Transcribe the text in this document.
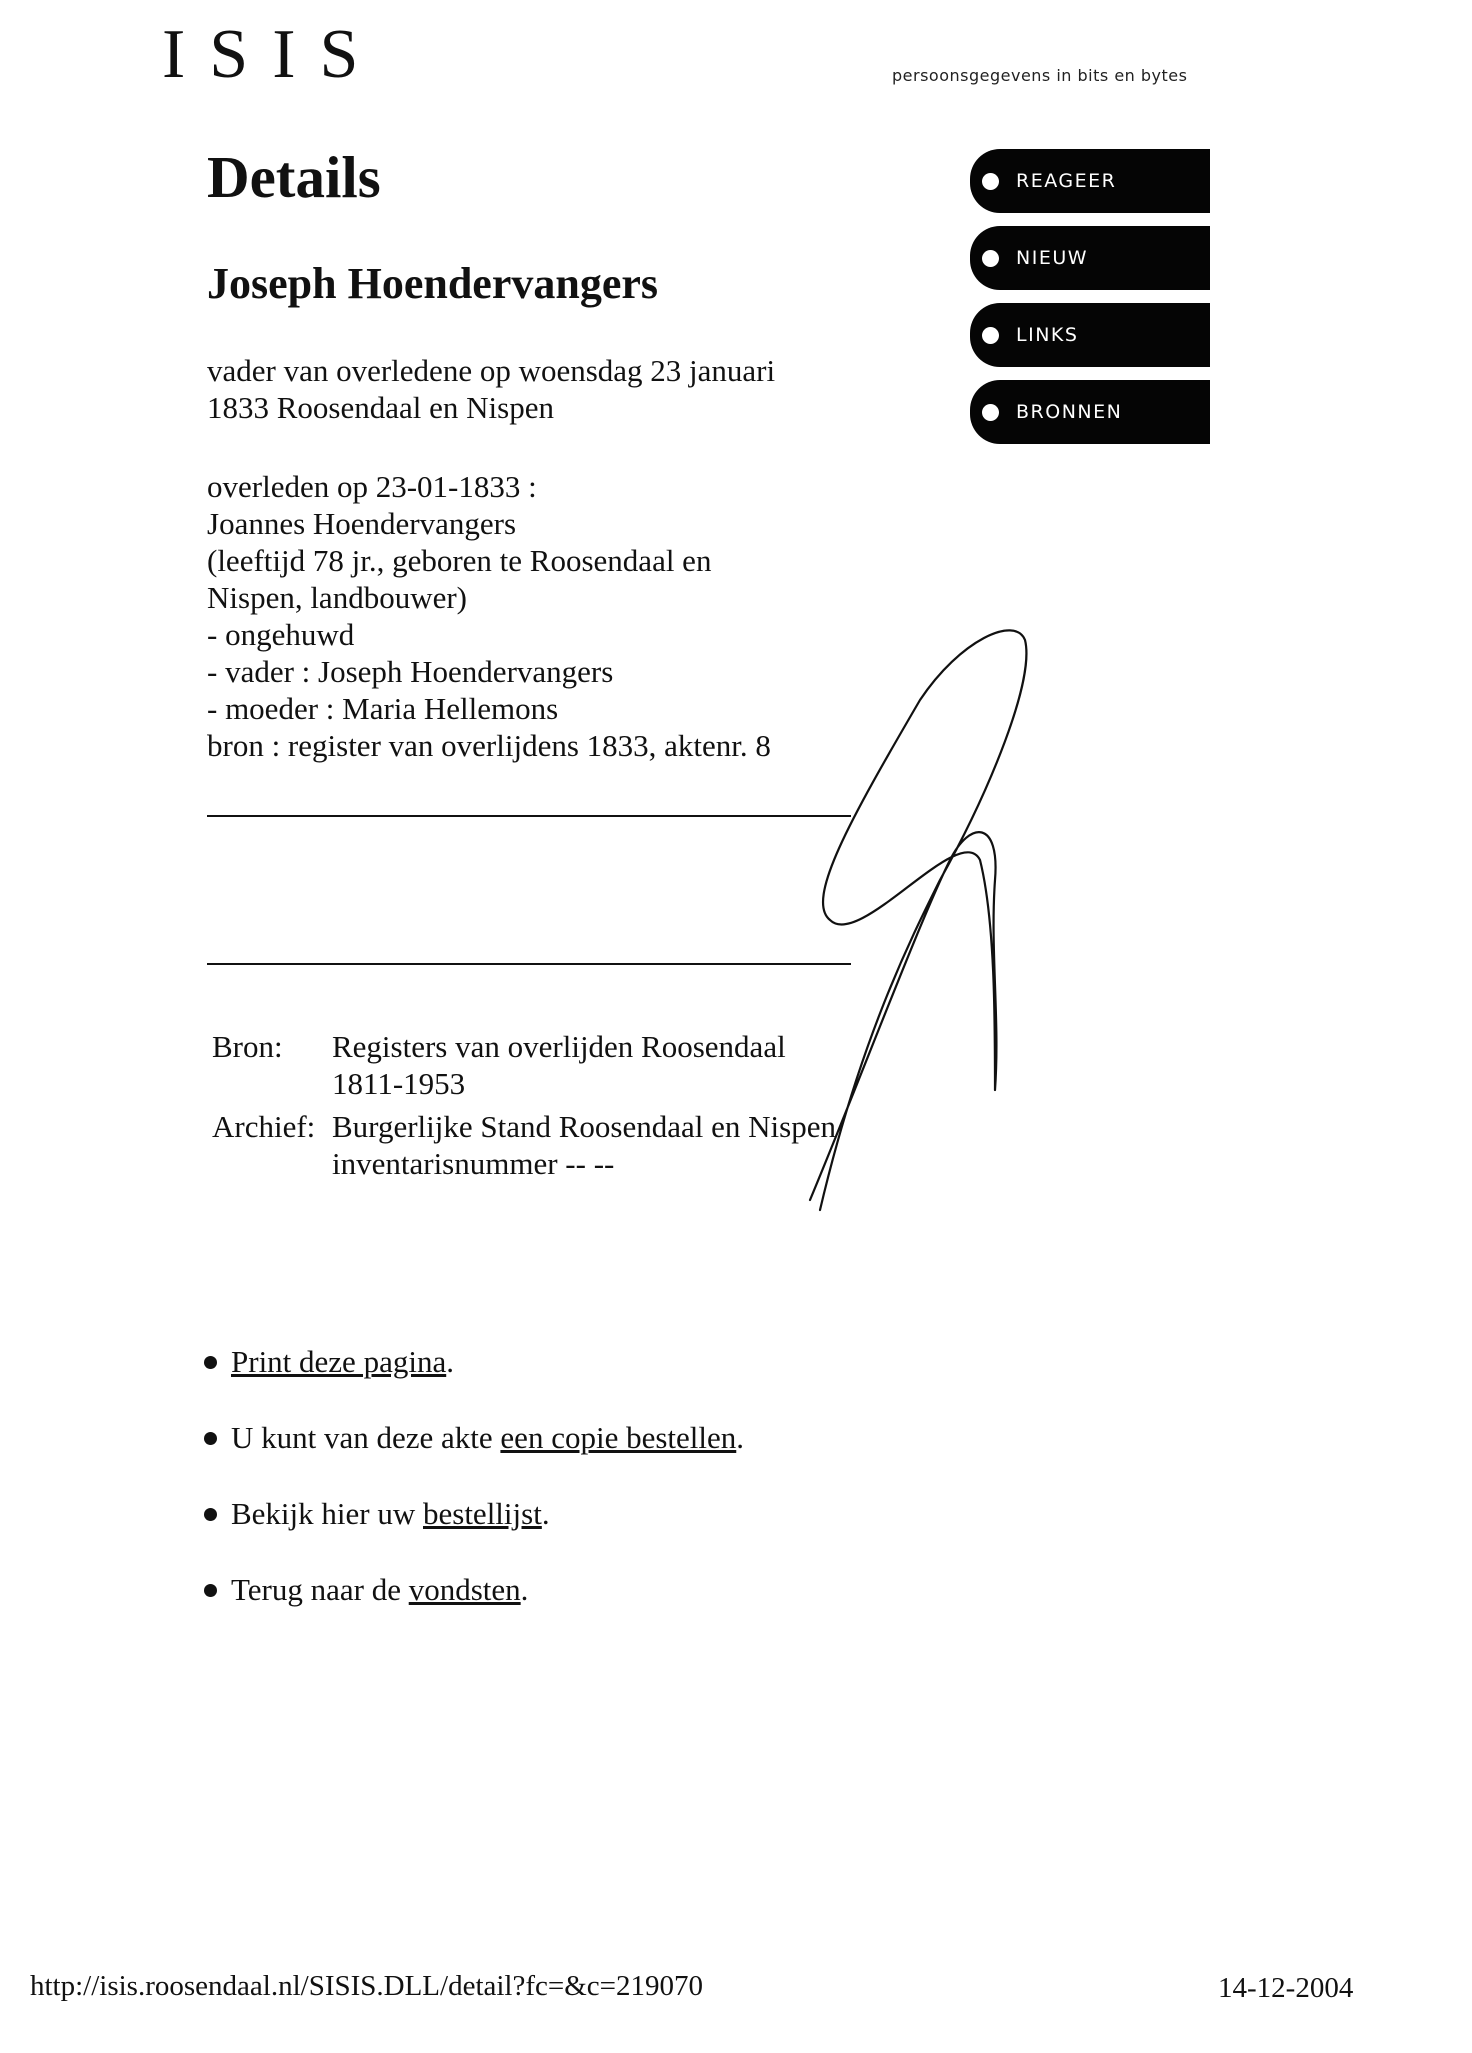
ISIS	persoonsgegevens in bits en bytes
Details
Joseph Hoendervangers
vader van overledene op woensdag 23 januari
1833 Roosendaal en Nispen
overleden op 23-01-1833 :
Joannes Hoendervangers
(leeftijd 78 jr., geboren te Roosendaal en
Nispen, landbouwer)
- ongehuwd
- vader : Joseph Hoendervangers
- moeder : Maria Hellemons
bron : register van overlijdens 1833, aktenr. 8
Bron: Registers van overlijden Roosendaal 1811-1953
Archief: Burgerlijke Stand Roosendaal en Nispen inventarisnummer -- --
REAGEER
NIEUW
LINKS
BRONNEN
Print deze pagina.
U kunt van deze akte een copie bestellen.
Bekijk hier uw bestellijst.
Terug naar de vondsten.
http://isis.roosendaal.nl/SISIS.DLL/detail?fc=&c=219070	14-12-2004
